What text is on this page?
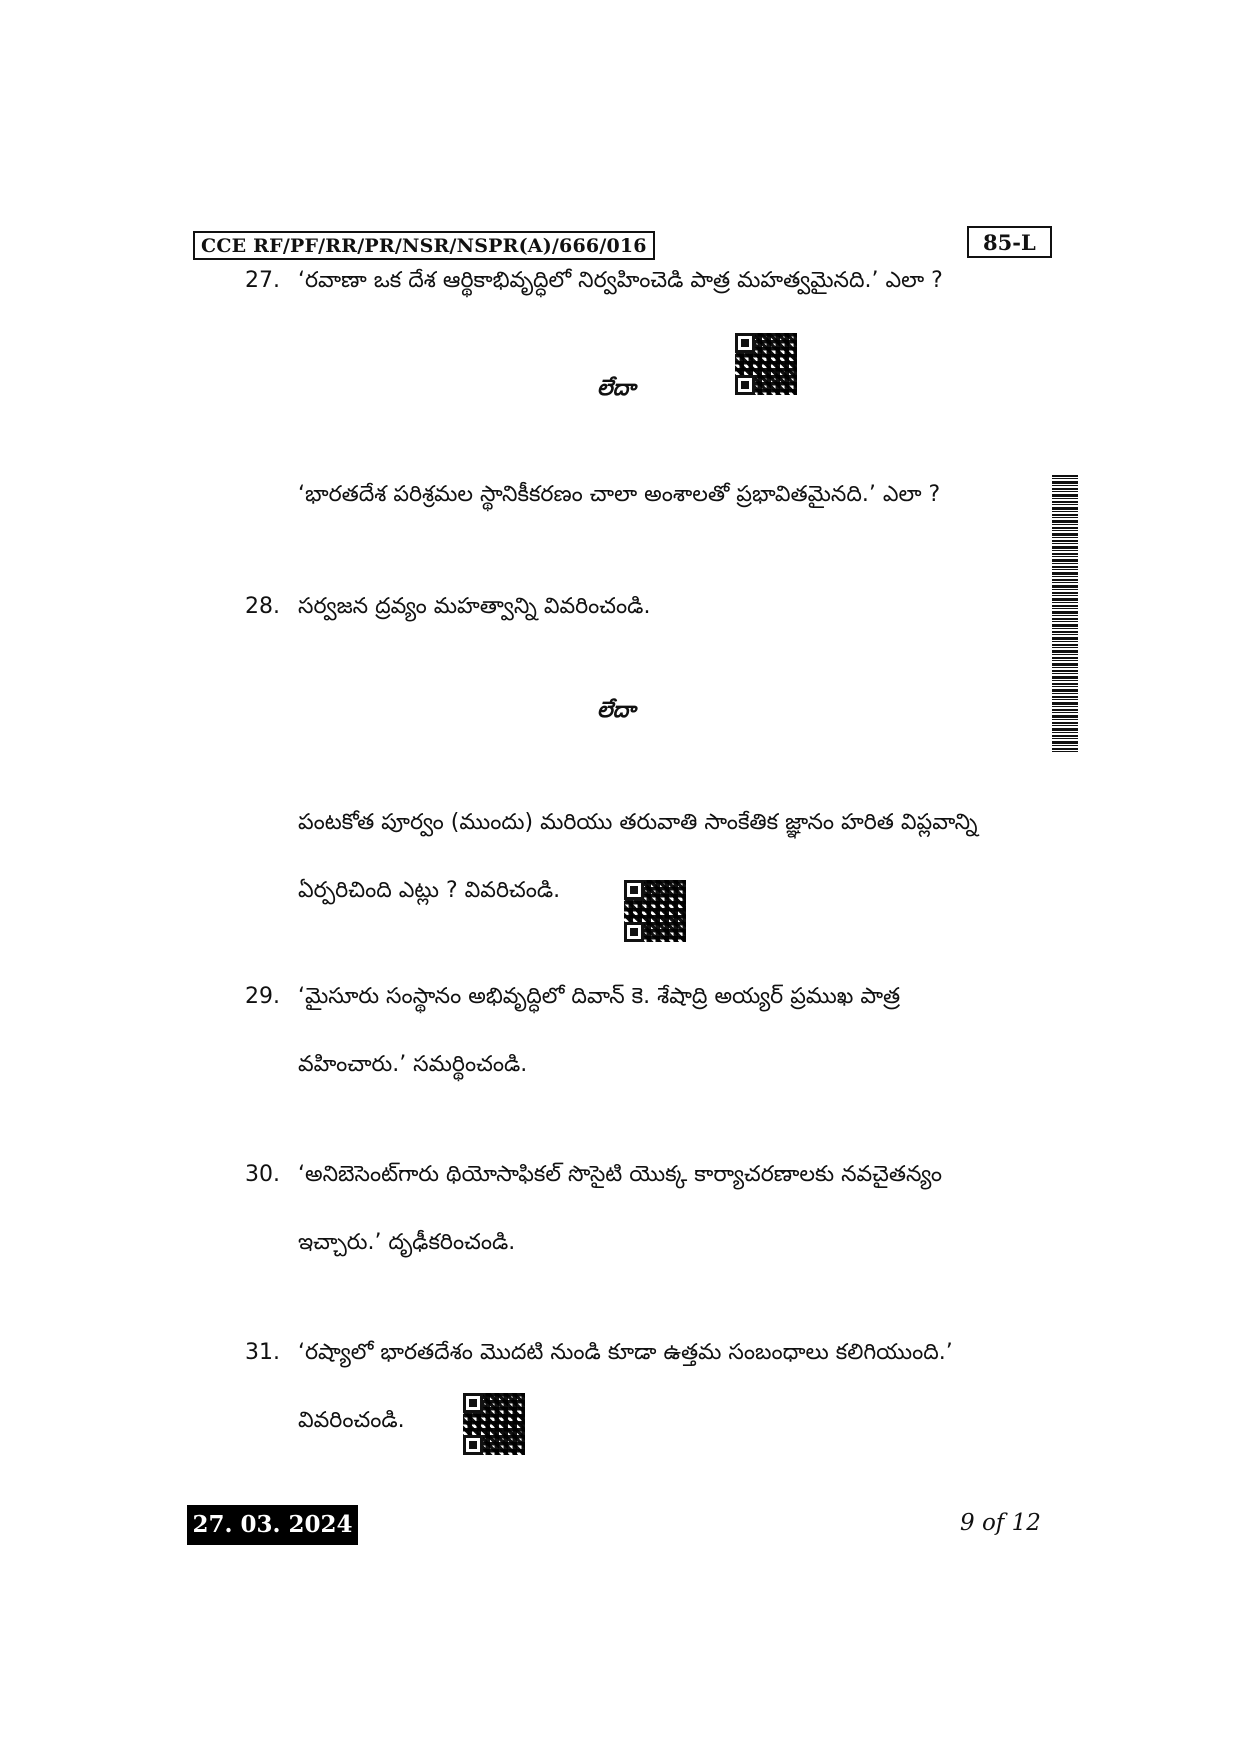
CCE RF/PF/RR/PR/NSR/NSPR(A)/666/016	85-L
27. ‘రవాణా ఒక దేశ ఆర్థికాభివృద్ధిలో నిర్వహించెడి పాత్ర మహత్వమైనది.’ ఎలా ?
లేదా
‘భారతదేశ పరిశ్రమల స్థానికీకరణం చాలా అంశాలతో ప్రభావితమైనది.’ ఎలా ?
28. సర్వజన ద్రవ్యం మహత్వాన్ని వివరించండి.
లేదా
పంటకోత పూర్వం (ముందు) మరియు తరువాతి సాంకేతిక జ్ఞానం హరిత విప్లవాన్ని
ఏర్పరిచింది ఎట్లు ? వివరిచండి.
29. ‘మైసూరు సంస్థానం అభివృద్ధిలో దివాన్ కె. శేషాద్రి అయ్యర్ ప్రముఖ పాత్ర
వహించారు.’ సమర్థించండి.
30. ‘అనిబెసెంట్‌గారు థియోసాఫికల్ సొసైటి యొక్క కార్యాచరణాలకు నవచైతన్యం
ఇచ్చారు.’ దృఢీకరించండి.
31. ‘రష్యాలో భారతదేశం మొదటి నుండి కూడా ఉత్తమ సంబంధాలు కలిగియుంది.’
వివరించండి.
27. 03. 2024	9 of 12
